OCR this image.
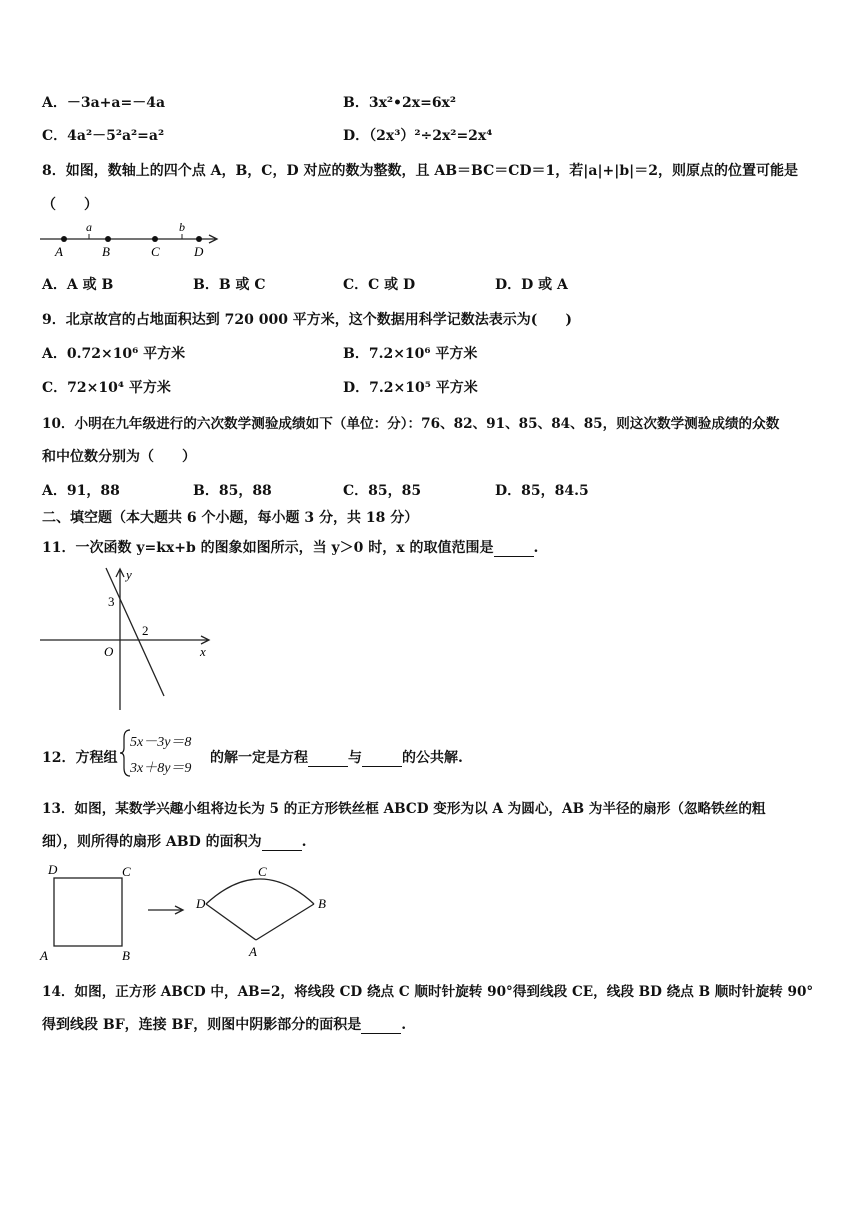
A．－3a+a=－4a	B．3x²•2x=6x²
C．4a²－5²a²=a²	D．（2x³）²÷2x²=2x⁴
8．如图，数轴上的四个点 A，B，C，D 对应的数为整数，且 AB＝BC＝CD＝1，若|a|+|b|＝2，则原点的位置可能是
（　　）
a	b
A	B	C	D
A．A 或 B	B．B 或 C	C．C 或 D	D．D 或 A
9．北京故宫的占地面积达到 720 000 平方米，这个数据用科学记数法表示为(　　)
A．0.72×10⁶ 平方米	B．7.2×10⁶ 平方米
C．72×10⁴ 平方米	D．7.2×10⁵ 平方米
10．小明在九年级进行的六次数学测验成绩如下（单位：分）：76、82、91、85、84、85，则这次数学测验成绩的众数
和中位数分别为（　　）
A．91，88	B．85，88	C．85，85	D．85，84.5
二、填空题（本大题共 6 个小题，每小题 3 分，共 18 分）
11．一次函数 y=kx+b 的图象如图所示，当 y＞0 时，x 的取值范围是	.
y
x
O
3
2
12．方程组
5x－3y＝8
3x＋8y＝9
的解一定是方程	与	的公共解.
13．如图，某数学兴趣小组将边长为 5 的正方形铁丝框 ABCD 变形为以 A 为圆心，AB 为半径的扇形（忽略铁丝的粗
细），则所得的扇形 ABD 的面积为	.
D	C
A	B
D
C
B
A
14．如图，正方形 ABCD 中，AB=2，将线段 CD 绕点 C 顺时针旋转 90°得到线段 CE，线段 BD 绕点 B 顺时针旋转 90°
得到线段 BF，连接 BF，则图中阴影部分的面积是	.
